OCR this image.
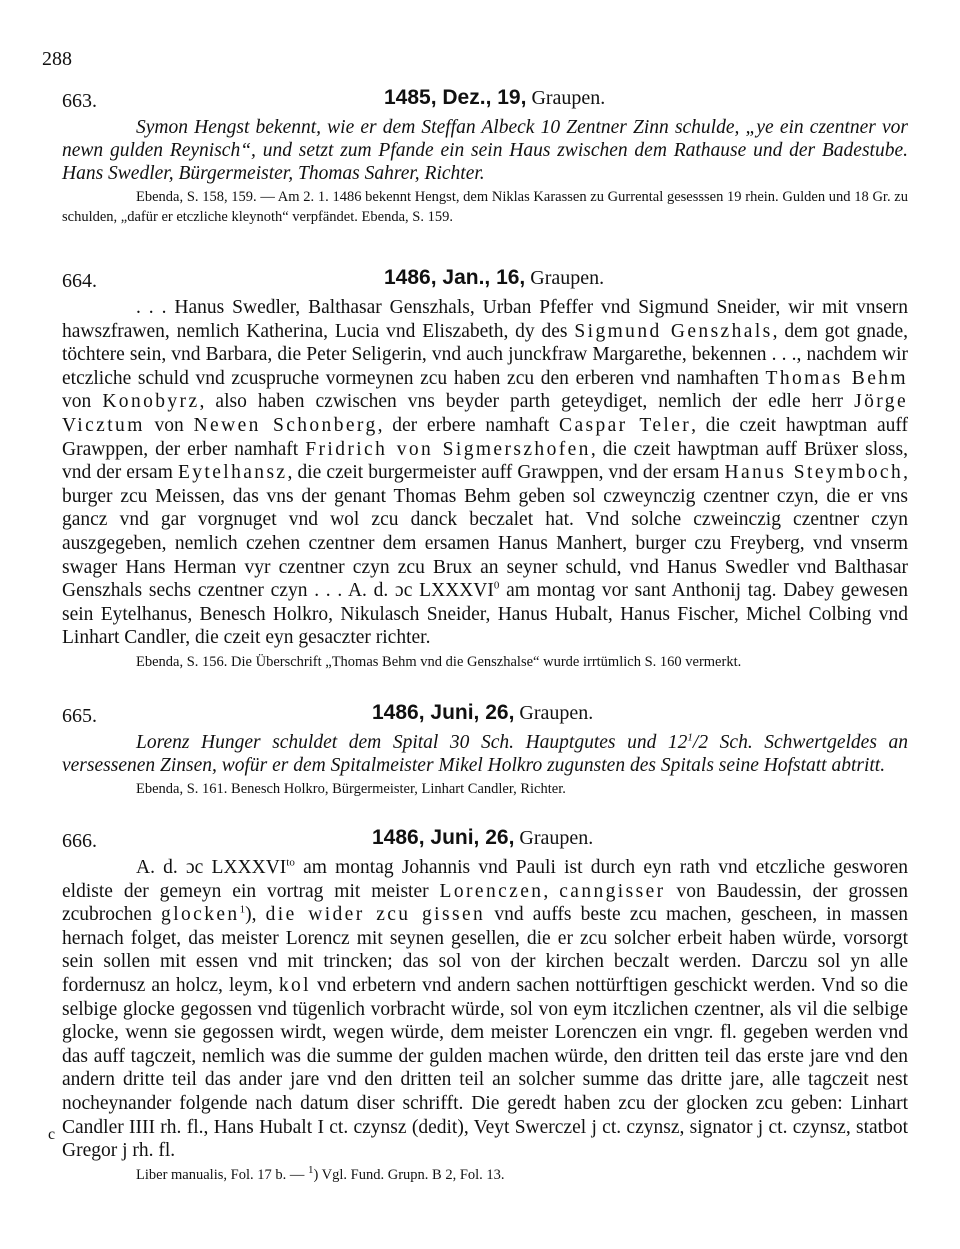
288
663.	1485, Dez., 19, Graupen.

Symon Hengst bekennt, wie er dem Steffan Albeck 10 Zentner Zinn schulde, „ye ein czentner vor newn gulden Reynisch“, und setzt zum Pfande ein sein Haus zwischen dem Rathause und der Badestube. Hans Swedler, Bürgermeister, Thomas Sahrer, Richter.

Ebenda, S. 158, 159. — Am 2. 1. 1486 bekennt Hengst, dem Niklas Karassen zu Gurrental gesesssen 19 rhein. Gulden und 18 Gr. zu schulden, „dafür er etczliche kleynoth“ verpfändet. Ebenda, S. 159.

664.	1486, Jan., 16, Graupen.

. . . Hanus Swedler, Balthasar Genszhals, Urban Pfeffer vnd Sigmund Sneider, wir mit vnsern hawszfrawen, nemlich Katherina, Lucia vnd Eliszabeth, dy des Sigmund Genszhals, dem got gnade, töchtere sein, vnd Barbara, die Peter Seligerin, vnd auch junckfraw Margarethe, bekennen . . ., nachdem wir etczliche schuld vnd zcuspruche vormeynen zcu haben zcu den erberen vnd namhaften Thomas Behm von Konobyrz, also haben czwischen vns beyder parth geteydiget, nemlich der edle herr Jörge Vicztum von Newen Schonberg, der erbere namhaft Caspar Teler, die czeit hawptman auff Grawppen, der erber namhaft Fridrich von Sigmerszhofen, die czeit hawptman auff Brüxer sloss, vnd der ersam Eytelhansz, die czeit burgermeister auff Grawppen, vnd der ersam Hanus Steymboch, burger zcu Meissen, das vns der genant Thomas Behm geben sol czweynczig czentner czyn, die er vns gancz vnd gar vorgnuget vnd wol zcu danck beczalet hat. Vnd solche czweinczig czentner czyn auszgegeben, nemlich czehen czentner dem ersamen Hanus Manhert, burger czu Freyberg, vnd vnserm swager Hans Herman vyr czentner czyn zcu Brux an seyner schuld, vnd Hanus Swedler vnd Balthasar Genszhals sechs czentner czyn . . . A. d. ɔc LXXXVI$^0$ am montag vor sant Anthonij tag. Dabey gewesen sein Eytelhanus, Benesch Holkro, Nikulasch Sneider, Hanus Hubalt, Hanus Fischer, Michel Colbing vnd Linhart Candler, die czeit eyn gesaczter richter.

Ebenda, S. 156. Die Überschrift „Thomas Behm vnd die Genszhalse“ wurde irrtümlich S. 160 vermerkt.

665.	1486, Juni, 26, Graupen.

Lorenz Hunger schuldet dem Spital 30 Sch. Hauptgutes und $12^1/2$ Sch. Schwertgeldes an versessenen Zinsen, wofür er dem Spitalmeister Mikel Holkro zugunsten des Spitals seine Hofstatt abtritt.

Ebenda, S. 161. Benesch Holkro, Bürgermeister, Linhart Candler, Richter.

666.	1486, Juni, 26, Graupen.

A. d. ɔc $LXXXVI^{to}$ am montag Johannis vnd Pauli ist durch eyn rath vnd etczliche gesworen eldiste der gemeyn ein vortrag mit meister Lorenczen, canngisser von Baudessin, der grossen zcubrochen glocken$^1$), die wider zcu gissen vnd auffs beste zcu machen, gescheen, in massen hernach folget, das meister Lorencz mit seynen gesellen, die er zcu solcher erbeit haben würde, vorsorgt sein sollen mit essen vnd mit trincken; das sol von der kirchen beczalt werden. Darczu sol yn alle fordernusz an holcz, leym, kol vnd erbetern vnd andern sachen nottürftigen geschickt werden. Vnd so die selbige glocke gegossen vnd tügenlich vorbracht würde, sol von eym itczlichen czentner, als vil die selbige glocke, wenn sie gegossen wirdt, wegen würde, dem meister Lorenczen ein vngr. fl. gegeben werden vnd das auff tagczeit, nemlich was die summe der gulden machen würde, den dritten teil das erste jare vnd den andern dritte teil das ander jare vnd den dritten teil an solcher summe das dritte jare, alle tagczeit nest nocheynander folgende nach datum diser schrifft. Die geredt haben zcu der glocken zcu geben: Linhart Candler IIII rh. fl., Hans Hubalt I ct. czynsz (dedit), Veyt Swerczel j ct. czynsz, signator j ct. czynsz, statbot Gregor j rh. fl.

Liber manualis, Fol. 17 b. — $^1$) Vgl. Fund. Grupn. B 2, Fol. 13.

c
